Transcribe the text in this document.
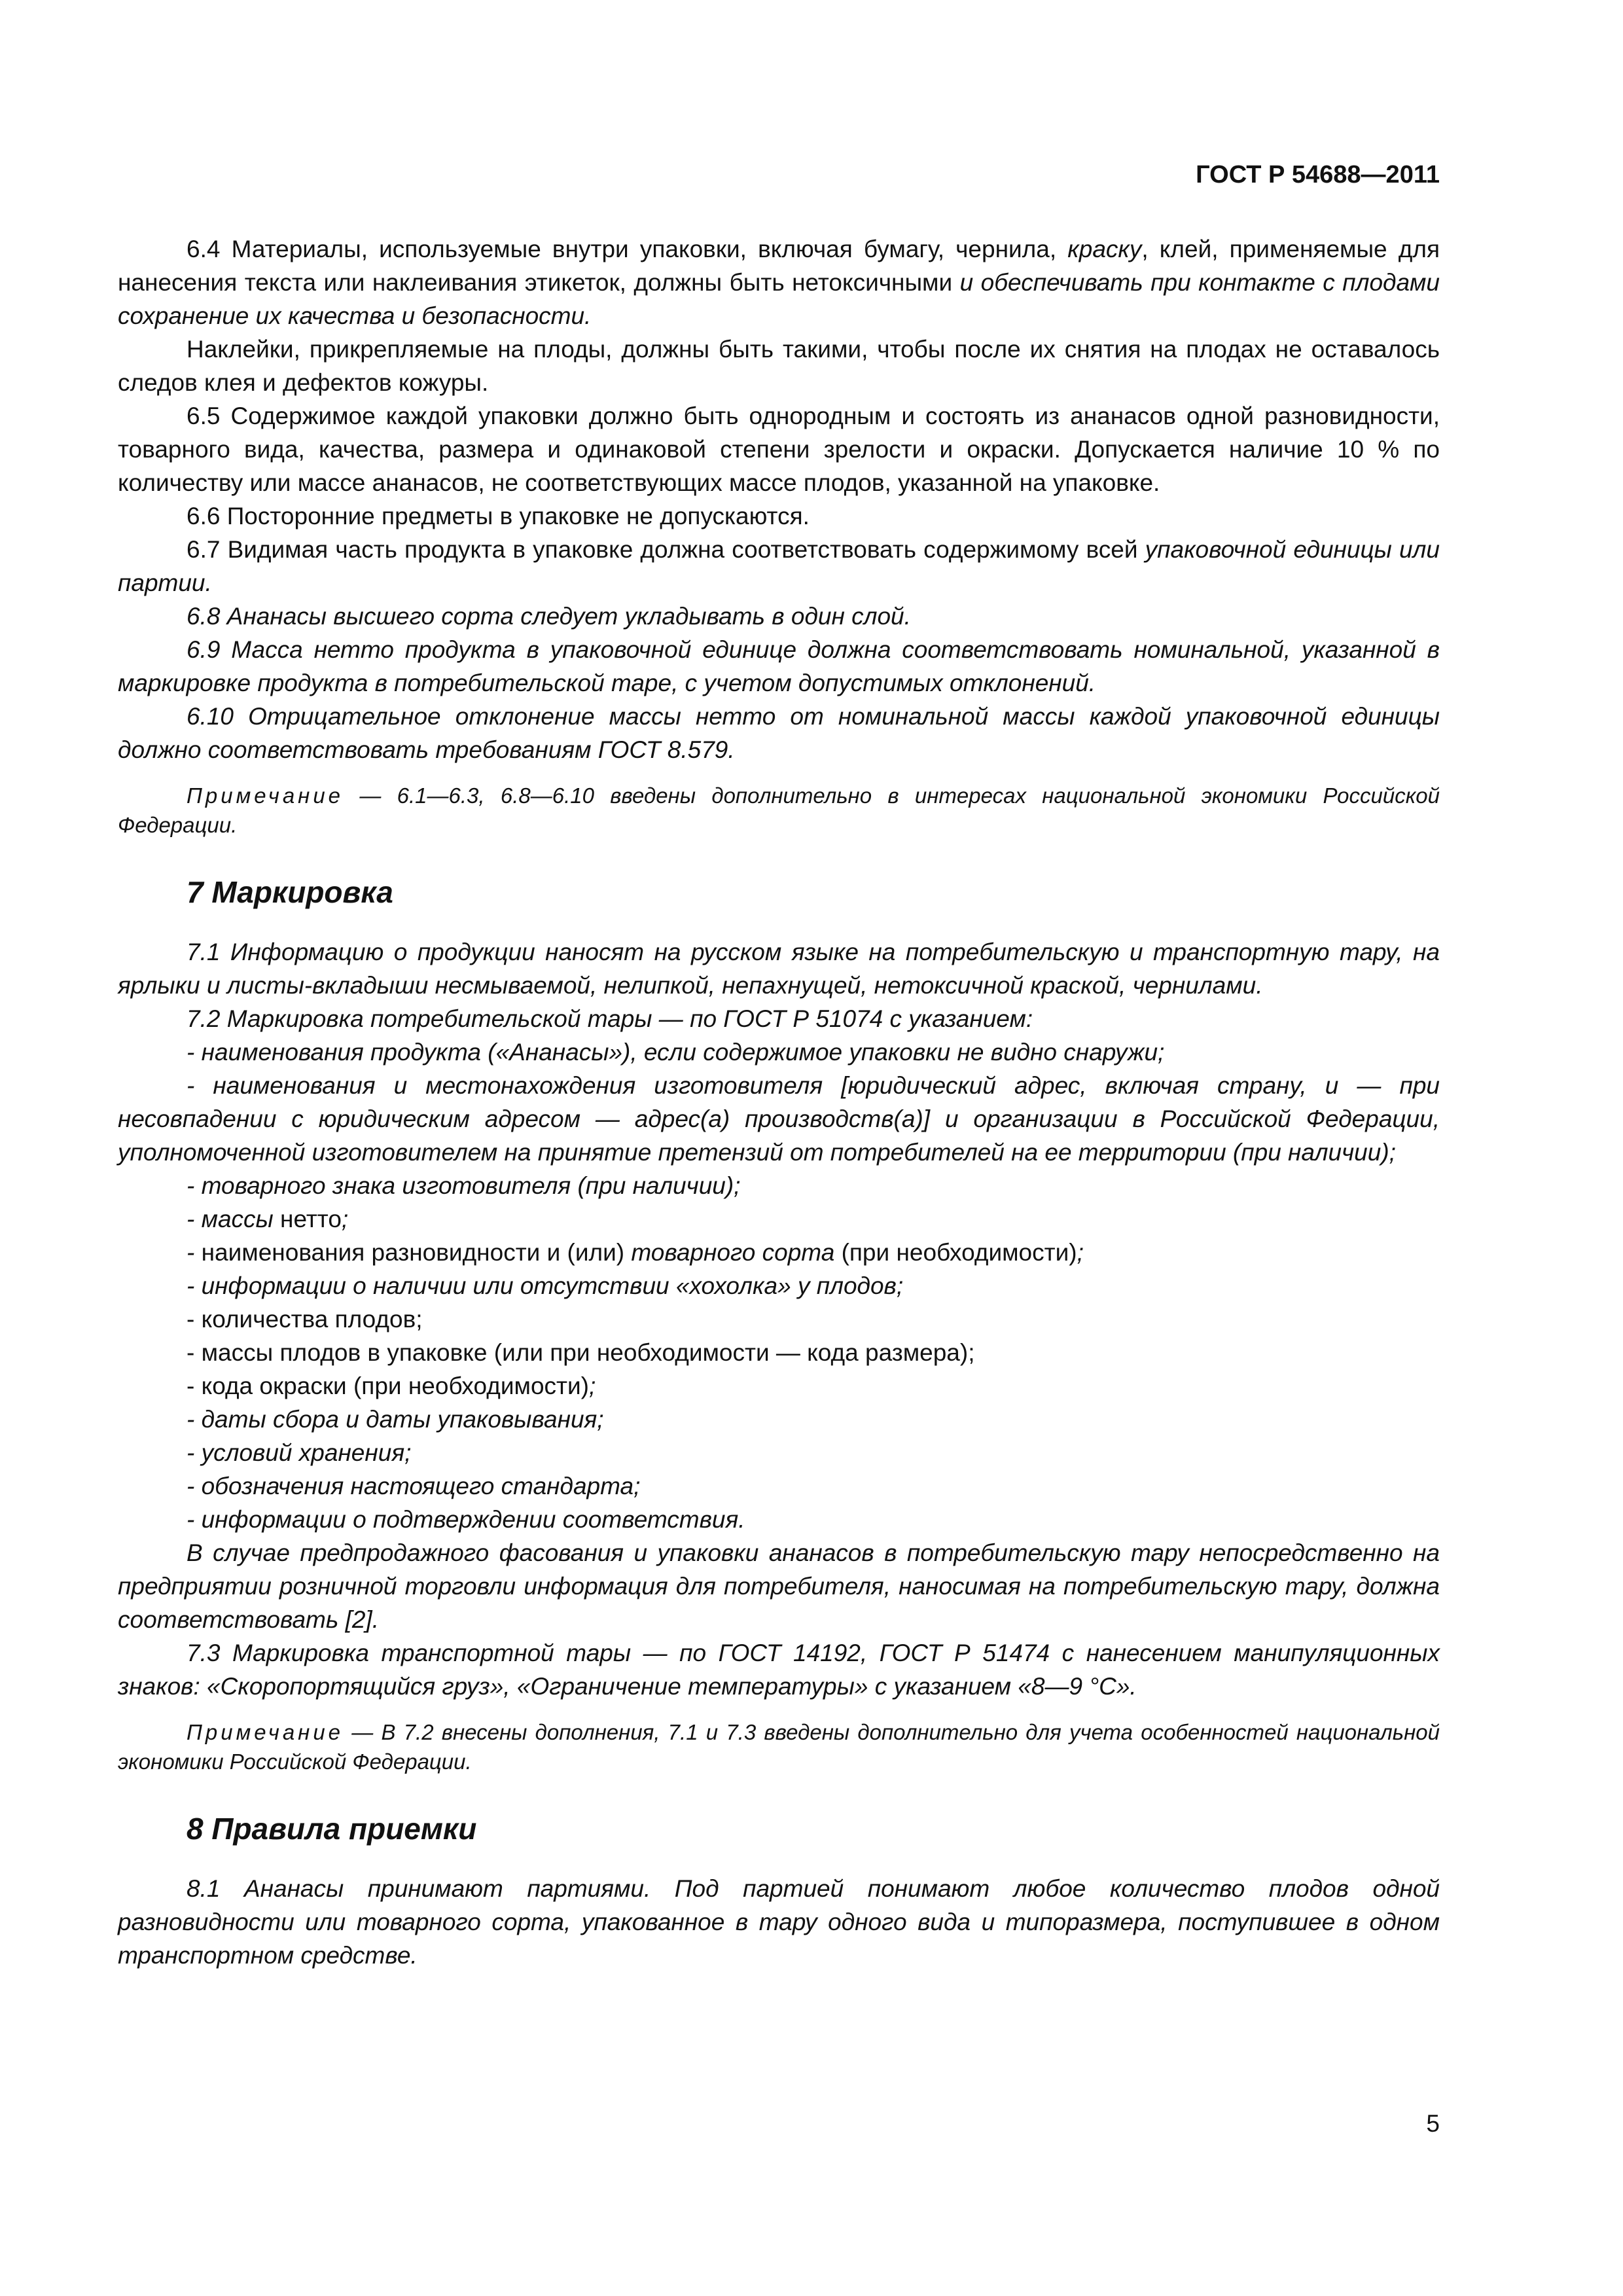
ГОСТ Р 54688—2011

6.4 Материалы, используемые внутри упаковки, включая бумагу, чернила, краску, клей, применяемые для нанесения текста или наклеивания этикеток, должны быть нетоксичными и обеспечивать при контакте с плодами сохранение их качества и безопасности.

Наклейки, прикрепляемые на плоды, должны быть такими, чтобы после их снятия на плодах не оставалось следов клея и дефектов кожуры.

6.5 Содержимое каждой упаковки должно быть однородным и состоять из ананасов одной разновидности, товарного вида, качества, размера и одинаковой степени зрелости и окраски. Допускается наличие 10 % по количеству или массе ананасов, не соответствующих массе плодов, указанной на упаковке.

6.6 Посторонние предметы в упаковке не допускаются.

6.7 Видимая часть продукта в упаковке должна соответствовать содержимому всей упаковочной единицы или партии.

6.8 Ананасы высшего сорта следует укладывать в один слой.

6.9 Масса нетто продукта в упаковочной единице должна соответствовать номинальной, указанной в маркировке продукта в потребительской таре, с учетом допустимых отклонений.

6.10 Отрицательное отклонение массы нетто от номинальной массы каждой упаковочной единицы должно соответствовать требованиям ГОСТ 8.579.

Примечание — 6.1—6.3, 6.8—6.10 введены дополнительно в интересах национальной экономики Российской Федерации.

7 Маркировка

7.1 Информацию о продукции наносят на русском языке на потребительскую и транспортную тару, на ярлыки и листы-вкладыши несмываемой, нелипкой, непахнущей, нетоксичной краской, чернилами.

7.2 Маркировка потребительской тары — по ГОСТ Р 51074 с указанием:

- наименования продукта («Ананасы»), если содержимое упаковки не видно снаружи;

- наименования и местонахождения изготовителя [юридический адрес, включая страну, и — при несовпадении с юридическим адресом — адрес(а) производств(а)] и организации в Российской Федерации, уполномоченной изготовителем на принятие претензий от потребителей на ее территории (при наличии);

- товарного знака изготовителя (при наличии);

- массы нетто;

- наименования разновидности и (или) товарного сорта (при необходимости);

- информации о наличии или отсутствии «хохолка» у плодов;

- количества плодов;

- массы плодов в упаковке (или при необходимости — кода размера);

- кода окраски (при необходимости);

- даты сбора и даты упаковывания;

- условий хранения;

- обозначения настоящего стандарта;

- информации о подтверждении соответствия.

В случае предпродажного фасования и упаковки ананасов в потребительскую тару непосредственно на предприятии розничной торговли информация для потребителя, наносимая на потребительскую тару, должна соответствовать [2].

7.3 Маркировка транспортной тары — по ГОСТ 14192, ГОСТ Р 51474 с нанесением манипуляционных знаков: «Скоропортящийся груз», «Ограничение температуры» с указанием «8—9 °С».

Примечание — В 7.2 внесены дополнения, 7.1 и 7.3 введены дополнительно для учета особенностей национальной экономики Российской Федерации.

8 Правила приемки

8.1 Ананасы принимают партиями. Под партией понимают любое количество плодов одной разновидности или товарного сорта, упакованное в тару одного вида и типоразмера, поступившее в одном транспортном средстве.

5
